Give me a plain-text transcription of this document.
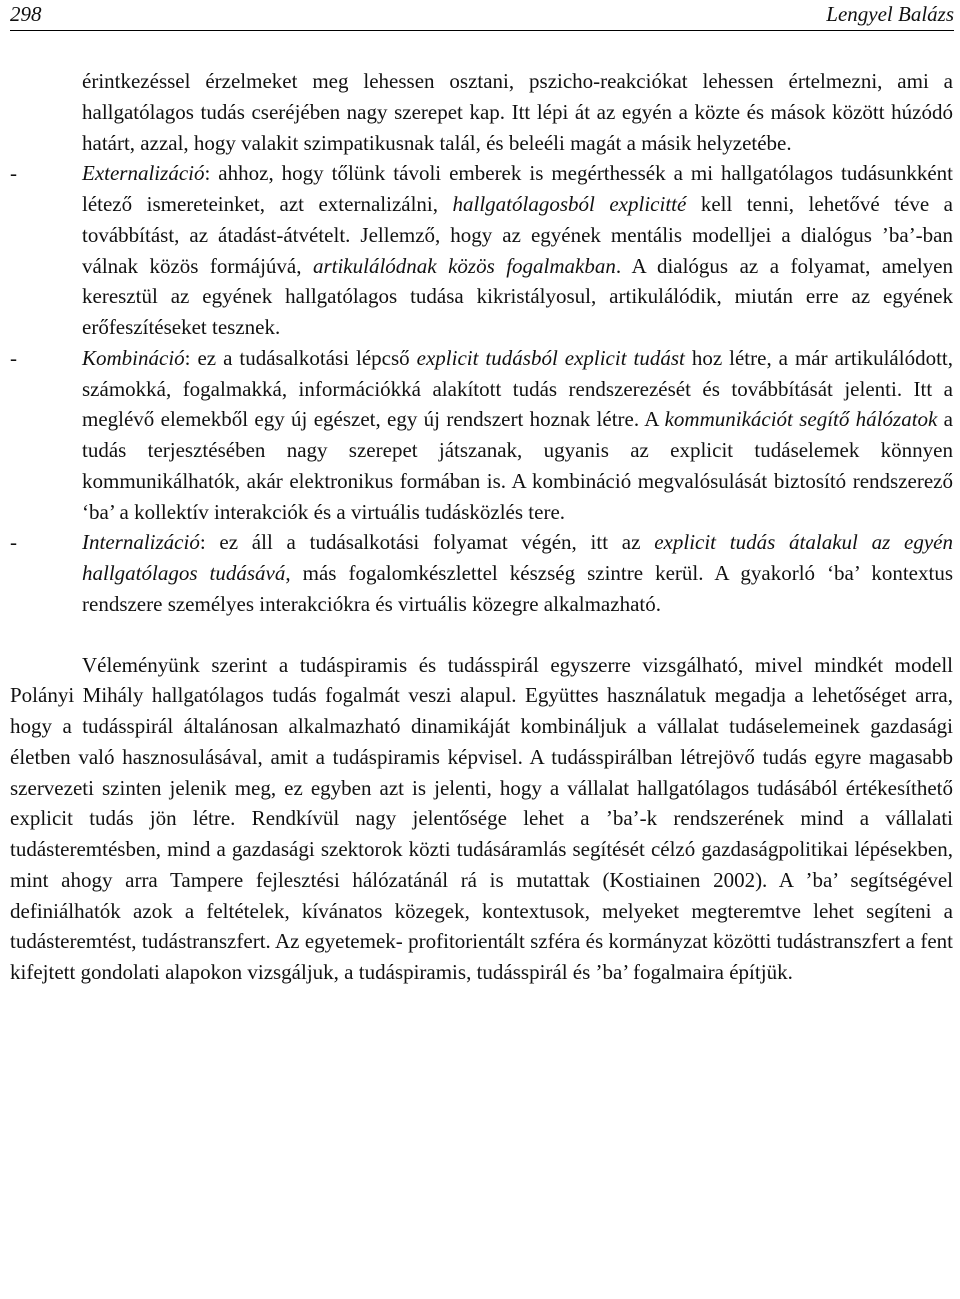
298	Lengyel Balázs

érintkezéssel érzelmeket meg lehessen osztani, pszicho-reakciókat lehessen értelmezni, ami a hallgatólagos tudás cseréjében nagy szerepet kap. Itt lépi át az egyén a közte és mások között húzódó határt, azzal, hogy valakit szimpatikusnak talál, és beleéli magát a másik helyzetébe.

-	Externalizáció: ahhoz, hogy tőlünk távoli emberek is megérthessék a mi hallgatólagos tudásunkként létező ismereteinket, azt externalizálni, hallgatólagosból explicitté kell tenni, lehetővé téve a továbbítást, az átadást-átvételt. Jellemző, hogy az egyének mentális modelljei a dialógus ’ba’-ban válnak közös formájúvá, artikulálódnak közös fogalmakban. A dialógus az a folyamat, amelyen keresztül az egyének hallgatólagos tudása kikristályosul, artikulálódik, miután erre az egyének erőfeszítéseket tesznek.

-	Kombináció: ez a tudásalkotási lépcső explicit tudásból explicit tudást hoz létre, a már artikulálódott, számokká, fogalmakká, információkká alakított tudás rendszerezését és továbbítását jelenti. Itt a meglévő elemekből egy új egészet, egy új rendszert hoznak létre. A kommunikációt segítő hálózatok a tudás terjesztésében nagy szerepet játszanak, ugyanis az explicit tudáselemek könnyen kommunikálhatók, akár elektronikus formában is. A kombináció megvalósulását biztosító rendszerező ‘ba’ a kollektív interakciók és a virtuális tudásközlés tere.

-	Internalizáció: ez áll a tudásalkotási folyamat végén, itt az explicit tudás átalakul az egyén hallgatólagos tudásává, más fogalomkészlettel készség szintre kerül. A gyakorló ‘ba’ kontextus rendszere személyes interakciókra és virtuális közegre alkalmazható.

Véleményünk szerint a tudáspiramis és tudásspirál egyszerre vizsgálható, mivel mindkét modell Polányi Mihály hallgatólagos tudás fogalmát veszi alapul. Együttes használatuk megadja a lehetőséget arra, hogy a tudásspirál általánosan alkalmazható dinamikáját kombináljuk a vállalat tudáselemeinek gazdasági életben való hasznosulásával, amit a tudáspiramis képvisel. A tudásspirálban létrejövő tudás egyre magasabb szervezeti szinten jelenik meg, ez egyben azt is jelenti, hogy a vállalat hallgatólagos tudásából értékesíthető explicit tudás jön létre. Rendkívül nagy jelentősége lehet a ’ba’-k rendszerének mind a vállalati tudásteremtésben, mind a gazdasági szektorok közti tudásáramlás segítését célzó gazdaságpolitikai lépésekben, mint ahogy arra Tampere fejlesztési hálózatánál rá is mutattak (Kostiainen 2002). A ’ba’ segítségével definiálhatók azok a feltételek, kívánatos közegek, kontextusok, melyeket megteremtve lehet segíteni a tudásteremtést, tudástranszfert. Az egyetemek- profitorientált szféra és kormányzat közötti tudástranszfert a fent kifejtett gondolati alapokon vizsgáljuk, a tudáspiramis, tudásspirál és ’ba’ fogalmaira építjük.
